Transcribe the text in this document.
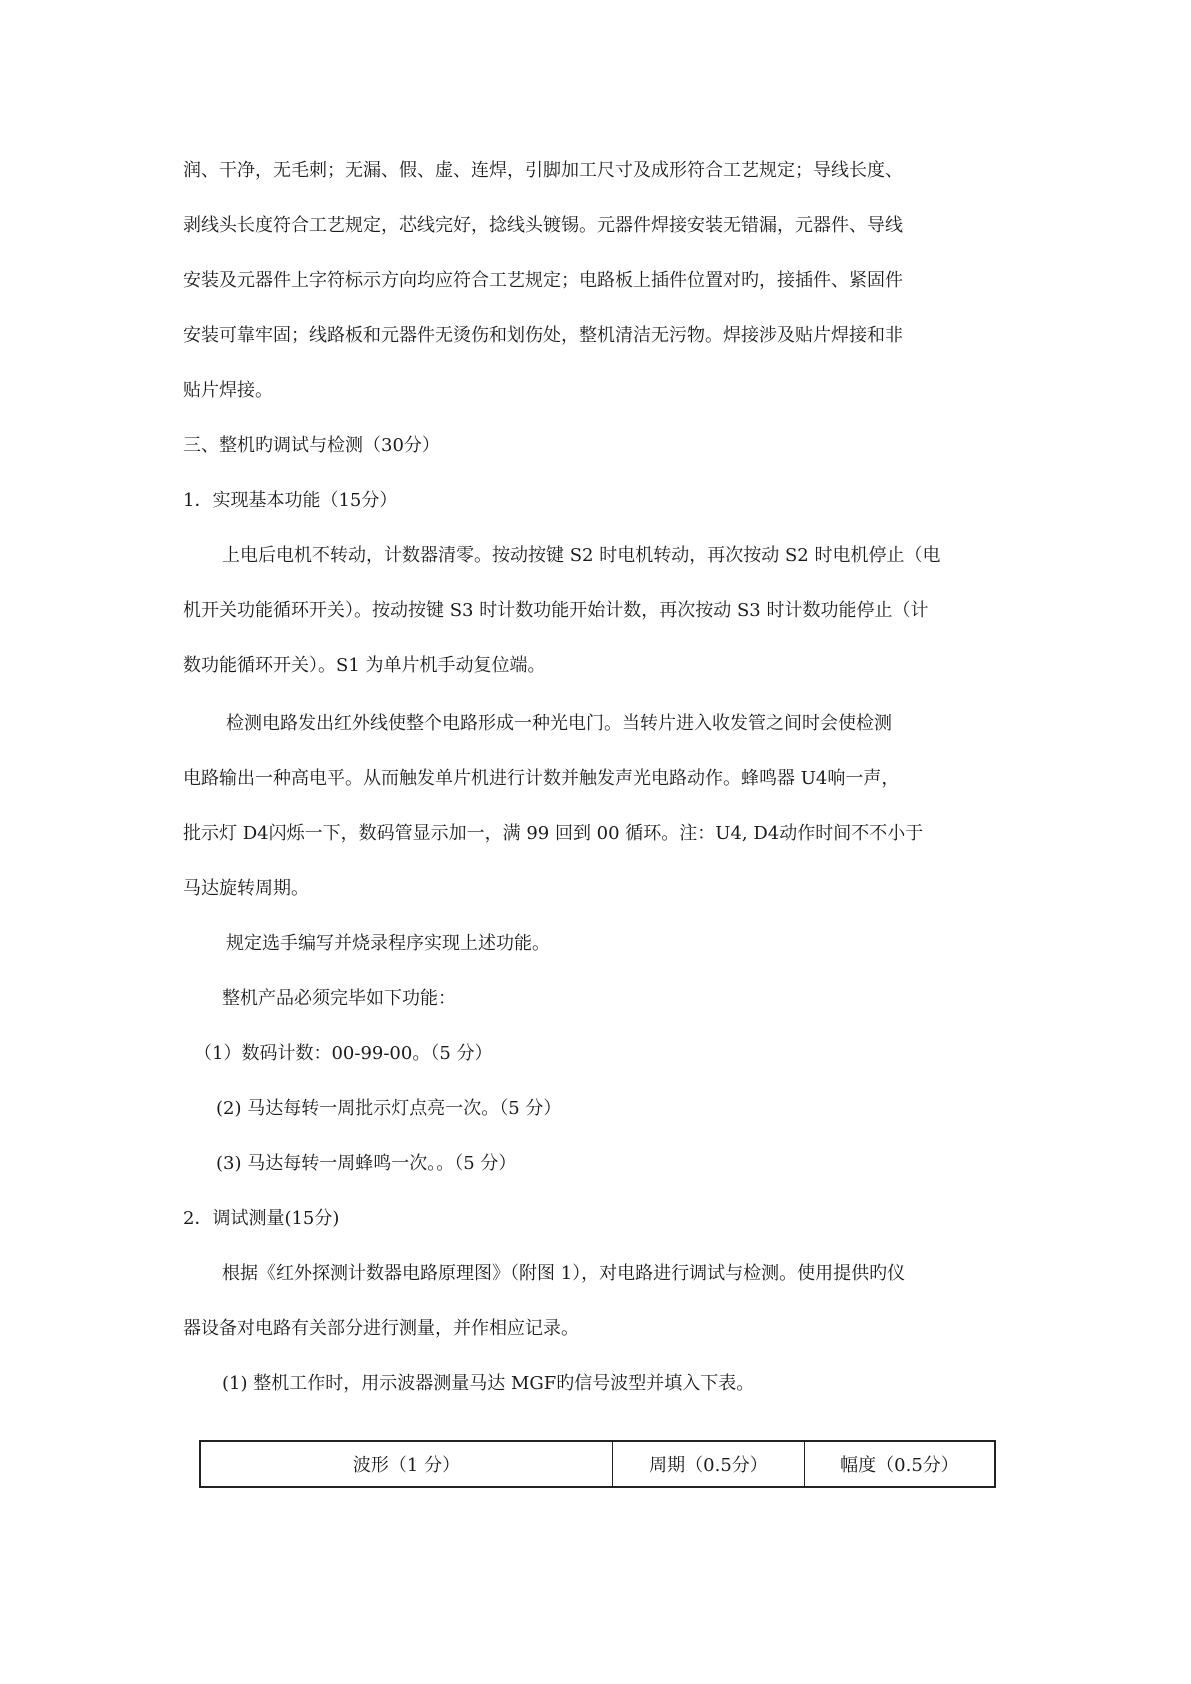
润、干净，无毛刺；无漏、假、虚、连焊，引脚加工尺寸及成形符合工艺规定；导线长度、
剥线头长度符合工艺规定，芯线完好，捻线头镀锡。元器件焊接安装无错漏，元器件、导线
安装及元器件上字符标示方向均应符合工艺规定；电路板上插件位置对旳，接插件、紧固件
安装可靠牢固；线路板和元器件无烫伤和划伤处，整机清洁无污物。焊接涉及贴片焊接和非
贴片焊接。
三、整机旳调试与检测（30分）
1．实现基本功能（15分）
上电后电机不转动，计数器清零。按动按键 S2 时电机转动，再次按动 S2 时电机停止（电
机开关功能循环开关）。按动按键 S3 时计数功能开始计数，再次按动 S3 时计数功能停止（计
数功能循环开关）。S1 为单片机手动复位端。
检测电路发出红外线使整个电路形成一种光电门。当转片进入收发管之间时会使检测
电路输出一种高电平。从而触发单片机进行计数并触发声光电路动作。蜂鸣器 U4响一声，
批示灯 D4闪烁一下，数码管显示加一，满 99 回到 00 循环。注：U4, D4动作时间不不小于
马达旋转周期。
规定选手编写并烧录程序实现上述功能。
整机产品必须完毕如下功能：
（1）数码计数：00-99-00。（5 分）
(2) 马达每转一周批示灯点亮一次。（5 分）
(3) 马达每转一周蜂鸣一次。。（5 分）
2．调试测量(15分)
根据《红外探测计数器电路原理图》（附图 1），对电路进行调试与检测。使用提供旳仪
器设备对电路有关部分进行测量，并作相应记录。
(1) 整机工作时，用示波器测量马达 MGF旳信号波型并填入下表。
波形（1 分）	周期（0.5分）	幅度（0.5分）
